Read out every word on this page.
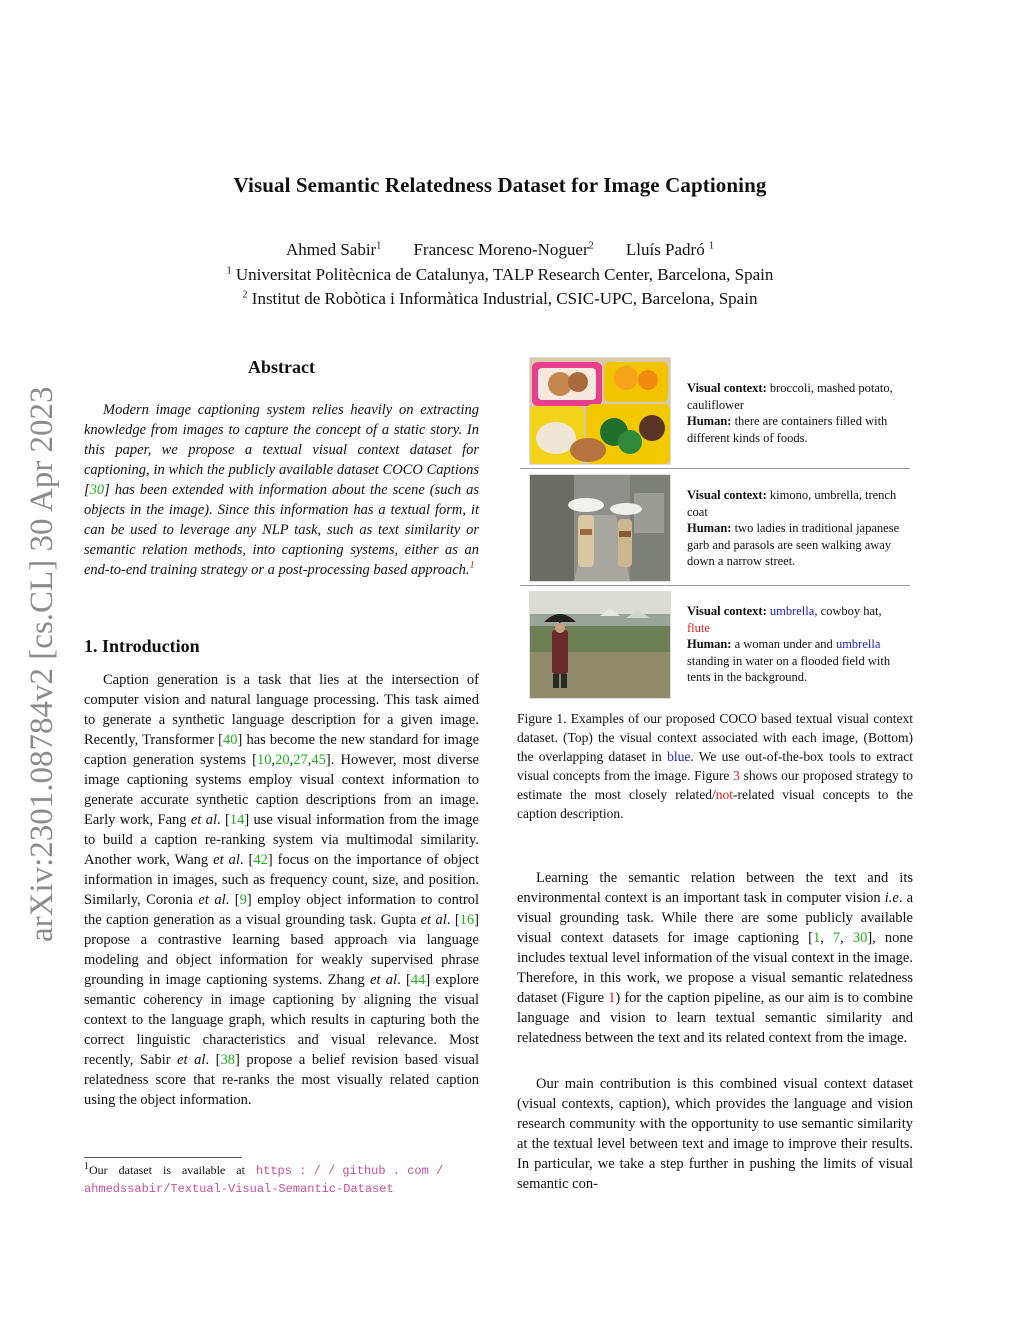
arXiv:2301.08784v2 [cs.CL] 30 Apr 2023
Visual Semantic Relatedness Dataset for Image Captioning
Ahmed Sabir$^1$ Francesc Moreno-Noguer$^2$ Lluís Padró $^1$
$^1$ Universitat Politècnica de Catalunya, TALP Research Center, Barcelona, Spain
$^2$ Institut de Robòtica i Informàtica Industrial, CSIC-UPC, Barcelona, Spain
Abstract
Modern image captioning system relies heavily on extracting knowledge from images to capture the concept of a static story. In this paper, we propose a textual visual context dataset for captioning, in which the publicly available dataset COCO Captions [30] has been extended with information about the scene (such as objects in the image). Since this information has a textual form, it can be used to leverage any NLP task, such as text similarity or semantic relation methods, into captioning systems, either as an end-to-end training strategy or a post-processing based approach.$^1$
1. Introduction
Caption generation is a task that lies at the intersection of computer vision and natural language processing. This task aimed to generate a synthetic language description for a given image. Recently, Transformer [40] has become the new standard for image caption generation systems [10,20,27,45]. However, most diverse image captioning systems employ visual context information to generate accurate synthetic caption descriptions from an image. Early work, Fang et al. [14] use visual information from the image to build a caption re-ranking system via multimodal similarity. Another work, Wang et al. [42] focus on the importance of object information in images, such as frequency count, size, and position. Similarly, Coronia et al. [9] employ object information to control the caption generation as a visual grounding task. Gupta et al. [16] propose a contrastive learning based approach via language modeling and object information for weakly supervised phrase grounding in image captioning systems. Zhang et al. [44] explore semantic coherency in image captioning by aligning the visual context to the language graph, which results in capturing both the correct linguistic characteristics and visual relevance. Most recently, Sabir et al. [38] propose a belief revision based visual relatedness score that re-ranks the most visually related caption using the object information.
$^1$Our dataset is available at https : / / github . com /
ahmedssabir/Textual-Visual-Semantic-Dataset
Visual context: broccoli, mashed potato, cauliflower
Human: there are containers filled with different kinds of foods.
Visual context: kimono, umbrella, trench coat
Human: two ladies in traditional japanese garb and parasols are seen walking away down a narrow street.
Visual context: umbrella, cowboy hat,
flute
Human: a woman under and umbrella standing in water on a flooded field with tents in the background.
Figure 1. Examples of our proposed COCO based textual visual context dataset. (Top) the visual context associated with each image, (Bottom) the overlapping dataset in blue. We use out-of-the-box tools to extract visual concepts from the image. Figure 3 shows our proposed strategy to estimate the most closely related/not-related visual concepts to the caption description.
Learning the semantic relation between the text and its environmental context is an important task in computer vision i.e. a visual grounding task. While there are some publicly available visual context datasets for image captioning [1, 7, 30], none includes textual level information of the visual context in the image. Therefore, in this work, we propose a visual semantic relatedness dataset (Figure 1) for the caption pipeline, as our aim is to combine language and vision to learn textual semantic similarity and relatedness between the text and its related context from the image.
Our main contribution is this combined visual context dataset (visual contexts, caption), which provides the language and vision research community with the opportunity to use semantic similarity at the textual level between text and image to improve their results. In particular, we take a step further in pushing the limits of visual semantic con-
